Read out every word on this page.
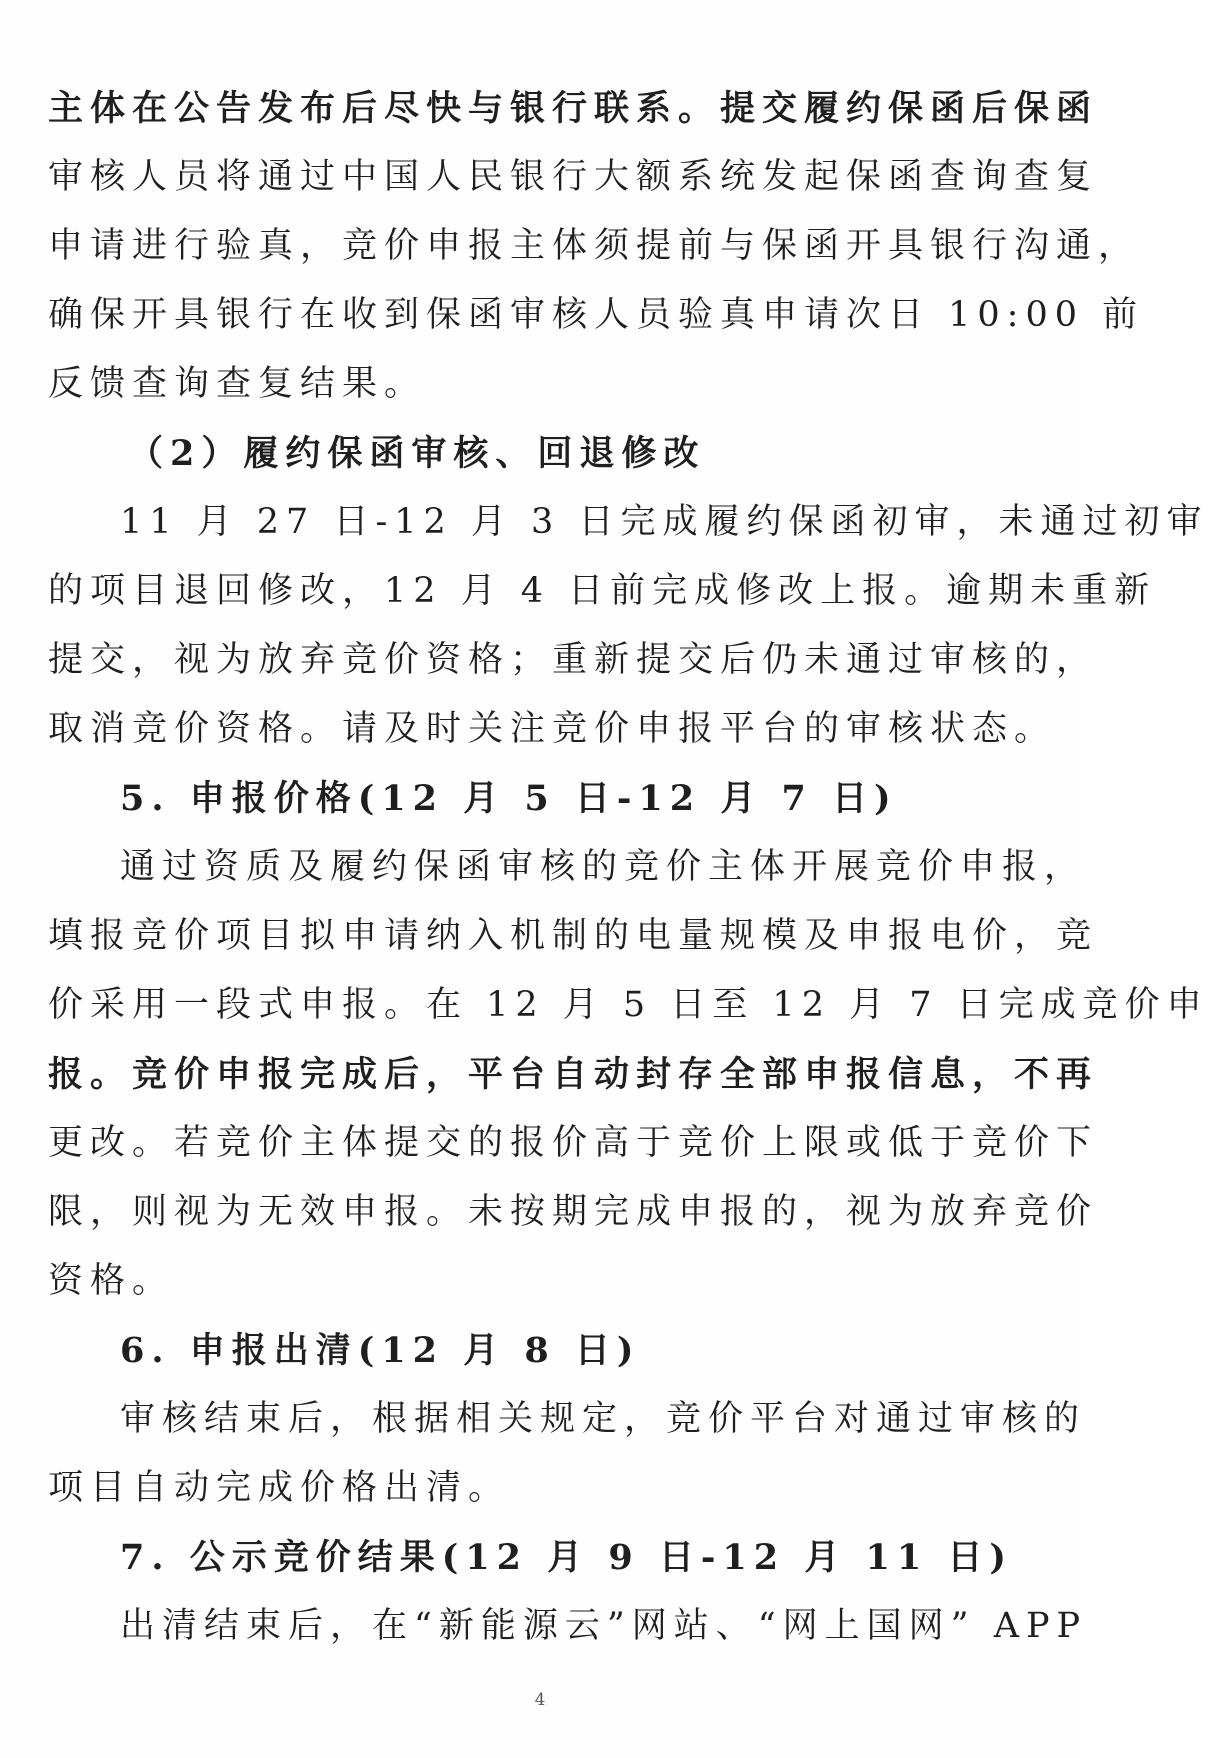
主体在公告发布后尽快与银行联系。提交履约保函后保函
审核人员将通过中国人民银行大额系统发起保函查询查复
申请进行验真，竞价申报主体须提前与保函开具银行沟通，
确保开具银行在收到保函审核人员验真申请次日 10:00 前
反馈查询查复结果。
（2）履约保函审核、回退修改
11 月 27 日-12 月 3 日完成履约保函初审，未通过初审
的项目退回修改，12 月 4 日前完成修改上报。逾期未重新
提交，视为放弃竞价资格；重新提交后仍未通过审核的，
取消竞价资格。请及时关注竞价申报平台的审核状态。
5. 申报价格(12 月 5 日-12 月 7 日)
通过资质及履约保函审核的竞价主体开展竞价申报，
填报竞价项目拟申请纳入机制的电量规模及申报电价，竞
价采用一段式申报。在 12 月 5 日至 12 月 7 日完成竞价申
报。竞价申报完成后，平台自动封存全部申报信息，不再
更改。若竞价主体提交的报价高于竞价上限或低于竞价下
限，则视为无效申报。未按期完成申报的，视为放弃竞价
资格。
6. 申报出清(12 月 8 日)
审核结束后，根据相关规定，竞价平台对通过审核的
项目自动完成价格出清。
7. 公示竞价结果(12 月 9 日-12 月 11 日)
出清结束后，在“新能源云”网站、“网上国网” APP
4
